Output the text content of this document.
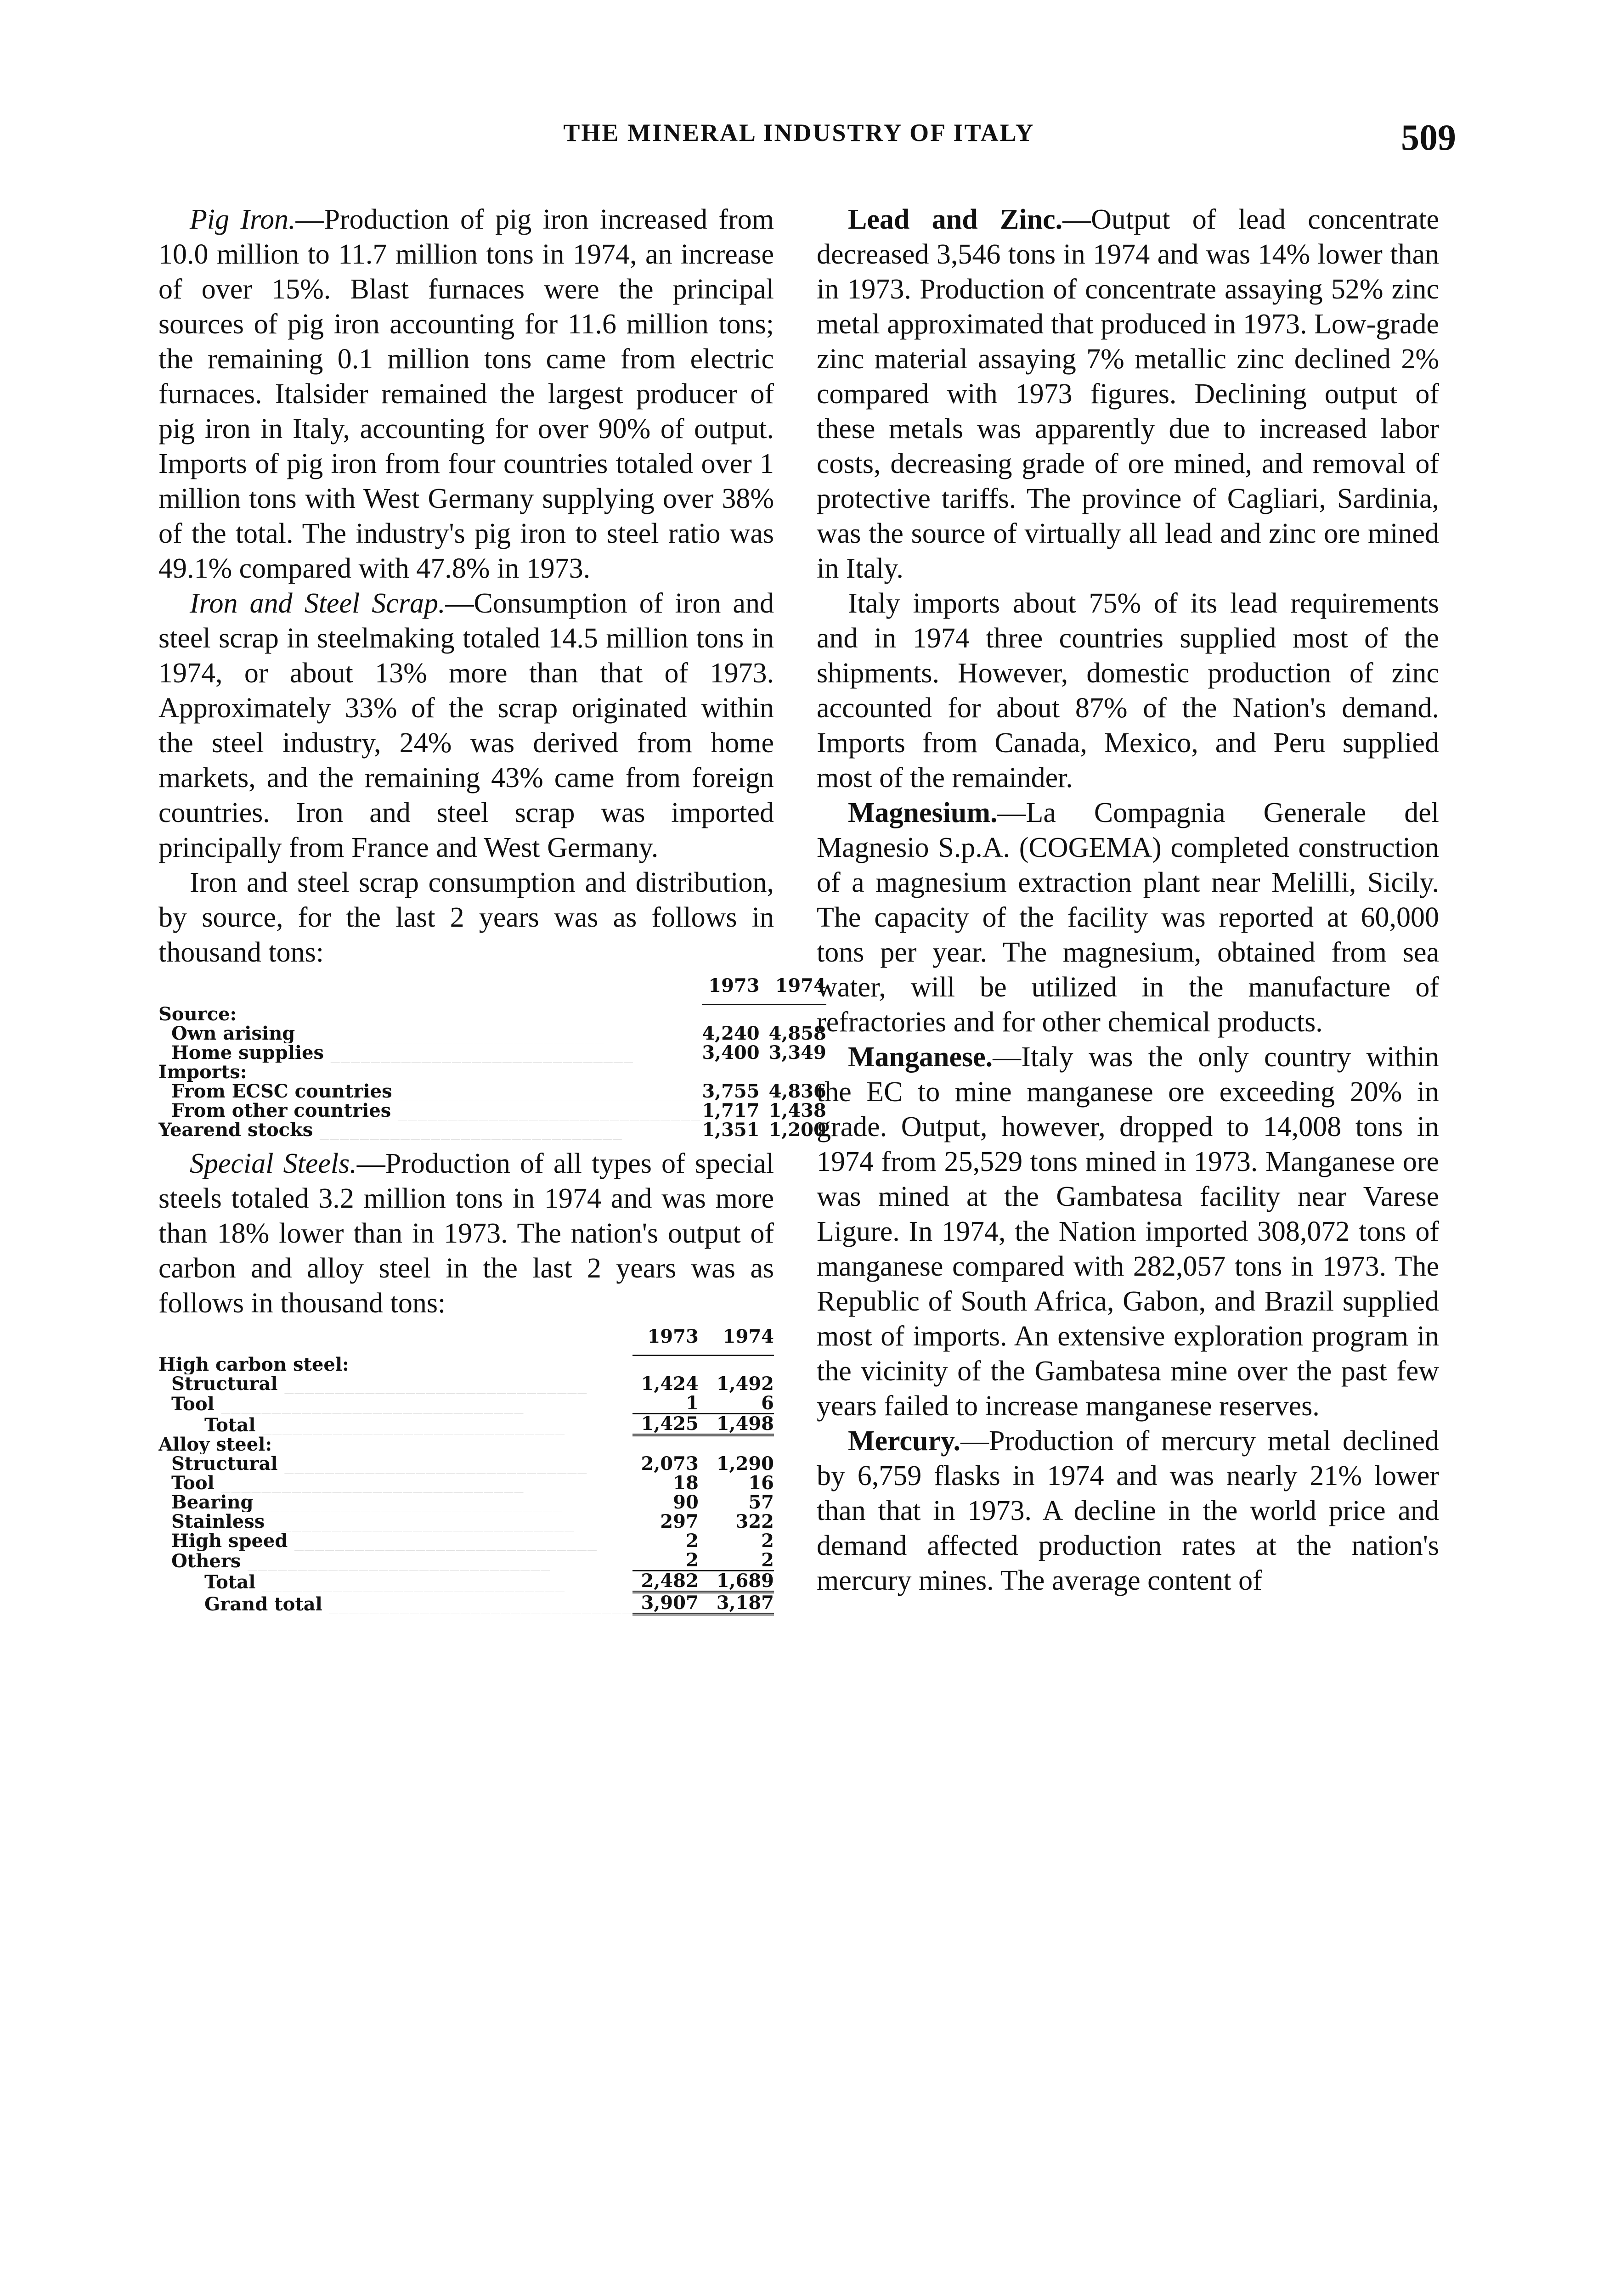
THE MINERAL INDUSTRY OF ITALY	509

Pig Iron.—Production of pig iron increased from 10.0 million to 11.7 million tons in 1974, an increase of over 15%. Blast furnaces were the principal sources of pig iron accounting for 11.6 million tons; the remaining 0.1 million tons came from electric furnaces. Italsider remained the largest producer of pig iron in Italy, accounting for over 90% of output. Imports of pig iron from four countries totaled over 1 million tons with West Germany supplying over 38% of the total. The industry's pig iron to steel ratio was 49.1% compared with 47.8% in 1973.

Iron and Steel Scrap.—Consumption of iron and steel scrap in steelmaking totaled 14.5 million tons in 1974, or about 13% more than that of 1973. Approximately 33% of the scrap originated within the steel industry, 24% was derived from home markets, and the remaining 43% came from foreign countries. Iron and steel scrap was imported principally from France and West Germany.

Iron and steel scrap consumption and distribution, by source, for the last 2 years was as follows in thousand tons:

	1973	1974
Source:		
Own arising _____	4,240	4,858
Home supplies _____	3,400	3,349
Imports:		
From ECSC countries _____	3,755	4,836
From other countries _____	1,717	1,438
Yearend stocks _____	1,351	1,200

Special Steels.—Production of all types of special steels totaled 3.2 million tons in 1974 and was more than 18% lower than in 1973. The nation's output of carbon and alloy steel in the last 2 years was as follows in thousand tons:

	1973	1974
High carbon steel:		
Structural _____	1,424	1,492
Tool _____	1	6
Total _____	1,425	1,498
Alloy steel:		
Structural _____	2,073	1,290
Tool _____	18	16
Bearing _____	90	57
Stainless _____	297	322
High speed _____	2	2
Others _____	2	2
Total _____	2,482	1,689
Grand total _____	3,907	3,187

Lead and Zinc.—Output of lead concentrate decreased 3,546 tons in 1974 and was 14% lower than in 1973. Production of concentrate assaying 52% zinc metal approximated that produced in 1973. Low-grade zinc material assaying 7% metallic zinc declined 2% compared with 1973 figures. Declining output of these metals was apparently due to increased labor costs, decreasing grade of ore mined, and removal of protective tariffs. The province of Cagliari, Sardinia, was the source of virtually all lead and zinc ore mined in Italy.

Italy imports about 75% of its lead requirements and in 1974 three countries supplied most of the shipments. However, domestic production of zinc accounted for about 87% of the Nation's demand. Imports from Canada, Mexico, and Peru supplied most of the remainder.

Magnesium.—La Compagnia Generale del Magnesio S.p.A. (COGEMA) completed construction of a magnesium extraction plant near Melilli, Sicily. The capacity of the facility was reported at 60,000 tons per year. The magnesium, obtained from sea water, will be utilized in the manufacture of refractories and for other chemical products.

Manganese.—Italy was the only country within the EC to mine manganese ore exceeding 20% in grade. Output, however, dropped to 14,008 tons in 1974 from 25,529 tons mined in 1973. Manganese ore was mined at the Gambatesa facility near Varese Ligure. In 1974, the Nation imported 308,072 tons of manganese compared with 282,057 tons in 1973. The Republic of South Africa, Gabon, and Brazil supplied most of imports. An extensive exploration program in the vicinity of the Gambatesa mine over the past few years failed to increase manganese reserves.

Mercury.—Production of mercury metal declined by 6,759 flasks in 1974 and was nearly 21% lower than that in 1973. A decline in the world price and demand affected production rates at the nation's mercury mines. The average content of
